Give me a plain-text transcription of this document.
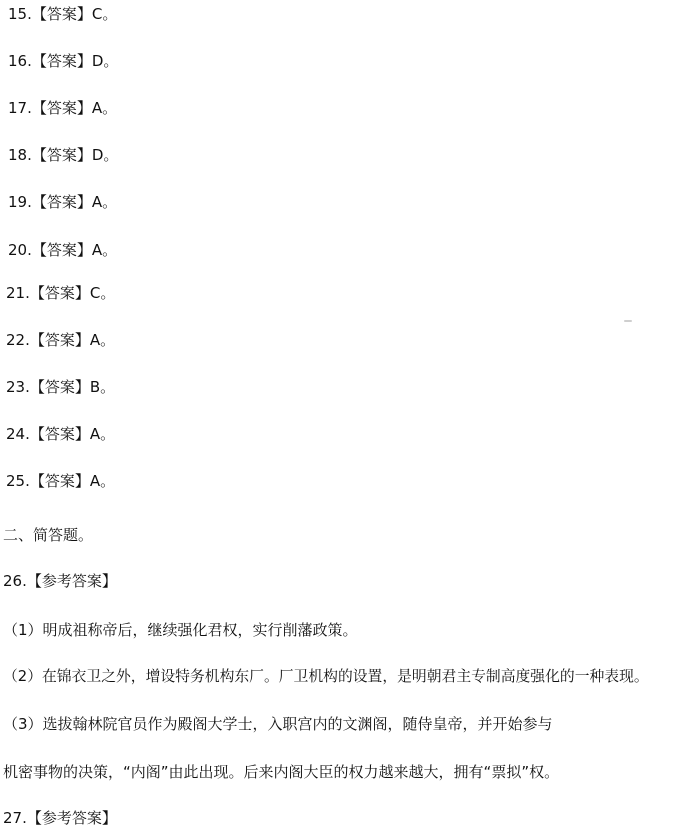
15.【答案】C。
16.【答案】D。
17.【答案】A。
18.【答案】D。
19.【答案】A。
20.【答案】A。
21.【答案】C。
22.【答案】A。
23.【答案】B。
24.【答案】A。
25.【答案】A。
二、简答题。
26.【参考答案】
（1）明成祖称帝后，继续强化君权，实行削藩政策。
（2）在锦衣卫之外，增设特务机构东厂。厂卫机构的设置，是明朝君主专制高度强化的一种表现。
（3）选拔翰林院官员作为殿阁大学士，入职宫内的文渊阁，随侍皇帝，并开始参与
机密事物的决策，“内阁”由此出现。后来内阁大臣的权力越来越大，拥有“票拟”权。
27.【参考答案】
